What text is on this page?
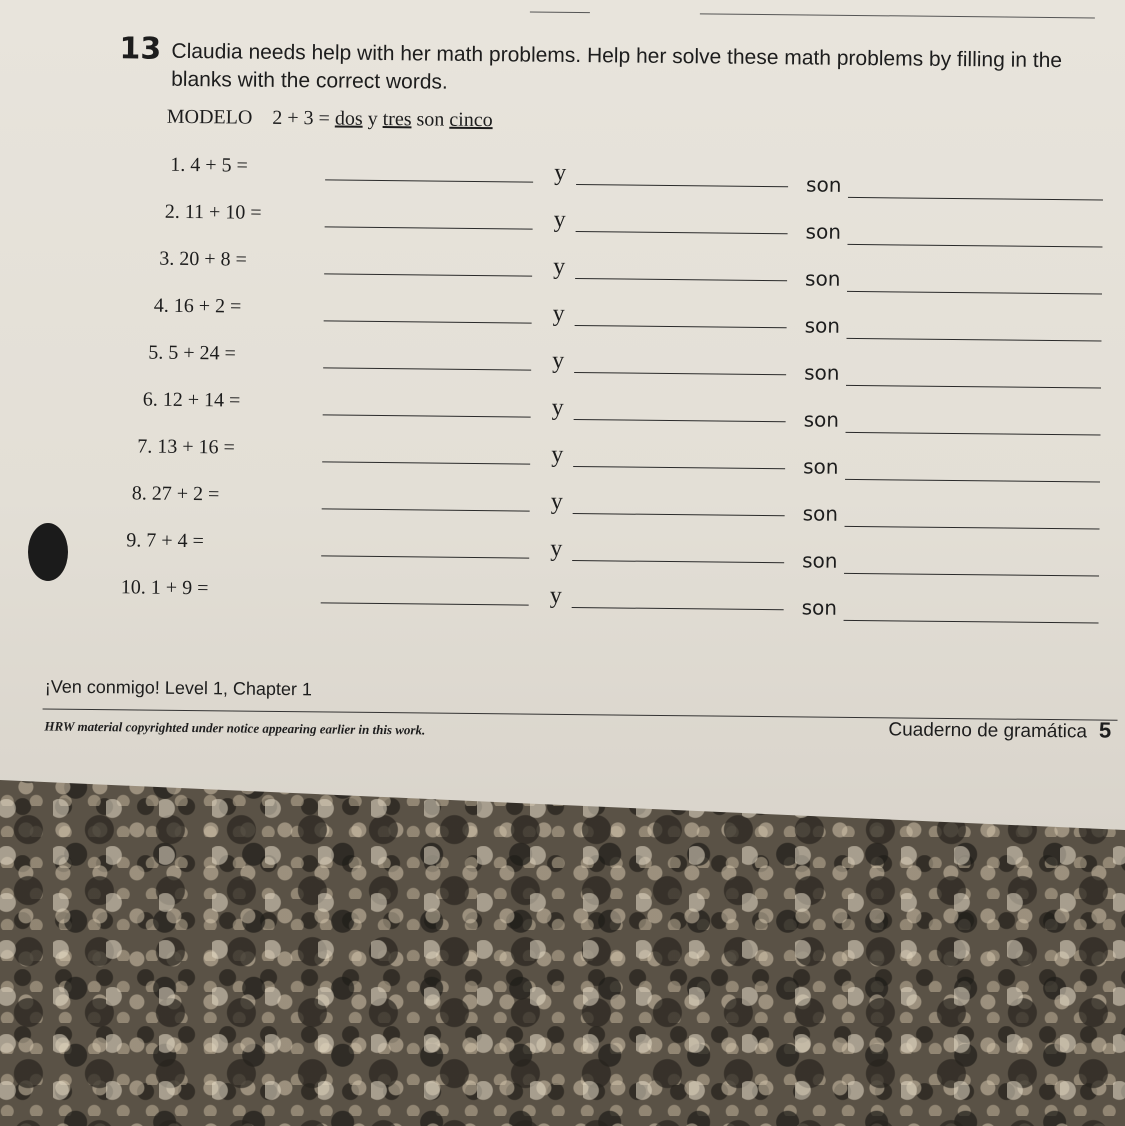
13 Claudia needs help with her math problems. Help her solve these math problems by filling in the blanks with the correct words.
MODELO 2 + 3 = dos y tres son cinco
1. 4 + 5 =	y	son
2. 11 + 10 =	y	son
3. 20 + 8 =	y	son
4. 16 + 2 =	y	son
5. 5 + 24 =	y	son
6. 12 + 14 =	y	son
7. 13 + 16 =	y	son
8. 27 + 2 =	y	son
9. 7 + 4 =	y	son
10. 1 + 9 =	y	son
¡Ven conmigo! Level 1, Chapter 1
HRW material copyrighted under notice appearing earlier in this work.	Cuaderno de gramática 5
